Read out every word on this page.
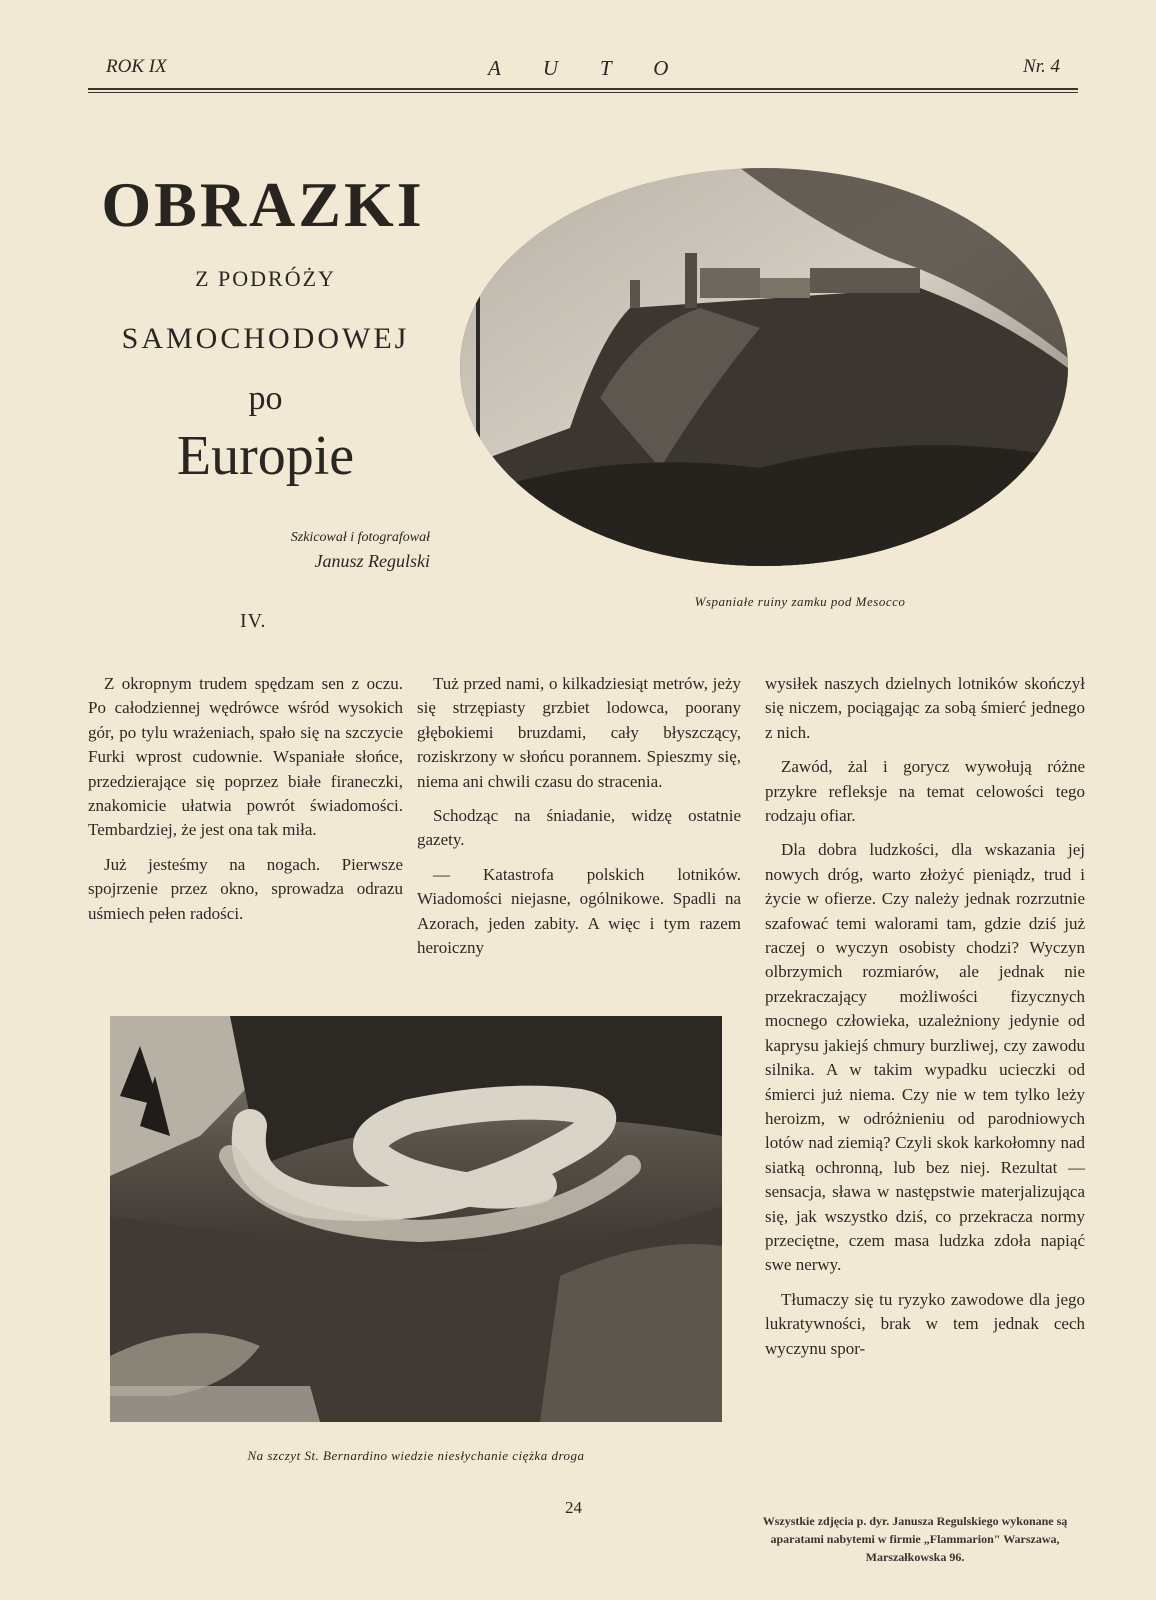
ROK IX	AUTO	Nr. 4
OBRAZKI
Z PODRÓŻY
SAMOCHODOWEJ
po
Europie
Szkicował i fotografował
Janusz Regulski
IV.
Wspaniałe ruiny zamku pod Mesocco

Z okropnym trudem spędzam sen z oczu. Po całodziennej wędrówce wśród wysokich gór, po tylu wrażeniach, spało się na szczycie Furki wprost cudownie. Wspaniałe słońce, przedzierające się poprzez białe firaneczki, znakomicie ułatwia powrót świadomości. Tembardziej, że jest ona tak miła.

Już jesteśmy na nogach. Pierwsze spojrzenie przez okno, sprowadza odrazu uśmiech pełen radości.

Tuż przed nami, o kilkadziesiąt metrów, jeży się strzępiasty grzbiet lodowca, poorany głębokiemi bruzdami, cały błyszczący, roziskrzony w słońcu porannem. Spieszmy się, niema ani chwili czasu do stracenia.

Schodząc na śniadanie, widzę ostatnie gazety.

— Katastrofa polskich lotników. Wiadomości niejasne, ogólnikowe. Spadli na Azorach, jeden zabity. A więc i tym razem heroiczny

wysiłek naszych dzielnych lotników skończył się niczem, pociągając za sobą śmierć jednego z nich.

Zawód, żal i gorycz wywołują różne przykre refleksje na temat celowości tego rodzaju ofiar.

Dla dobra ludzkości, dla wskazania jej nowych dróg, warto złożyć pieniądz, trud i życie w ofierze. Czy należy jednak rozrzutnie szafować temi walorami tam, gdzie dziś już raczej o wyczyn osobisty chodzi? Wyczyn olbrzymich rozmiarów, ale jednak nie przekraczający możliwości fizycznych mocnego człowieka, uzależniony jedynie od kaprysu jakiejś chmury burzliwej, czy zawodu silnika. A w takim wypadku ucieczki od śmierci już niema. Czy nie w tem tylko leży heroizm, w odróżnieniu od parodniowych lotów nad ziemią? Czyli skok karkołomny nad siatką ochronną, lub bez niej. Rezultat — sensacja, sława w następstwie materjalizująca się, jak wszystko dziś, co przekracza normy przeciętne, czem masa ludzka zdoła napiąć swe nerwy.

Tłumaczy się tu ryzyko zawodowe dla jego lukratywności, brak w tem jednak cech wyczynu spor-

Na szczyt St. Bernardino wiedzie niesłychanie ciężka droga
24
Wszystkie zdjęcia p. dyr. Janusza Regulskiego wykonane są aparatami nabytemi w firmie „Flammarion" Warszawa, Marszałkowska 96.
